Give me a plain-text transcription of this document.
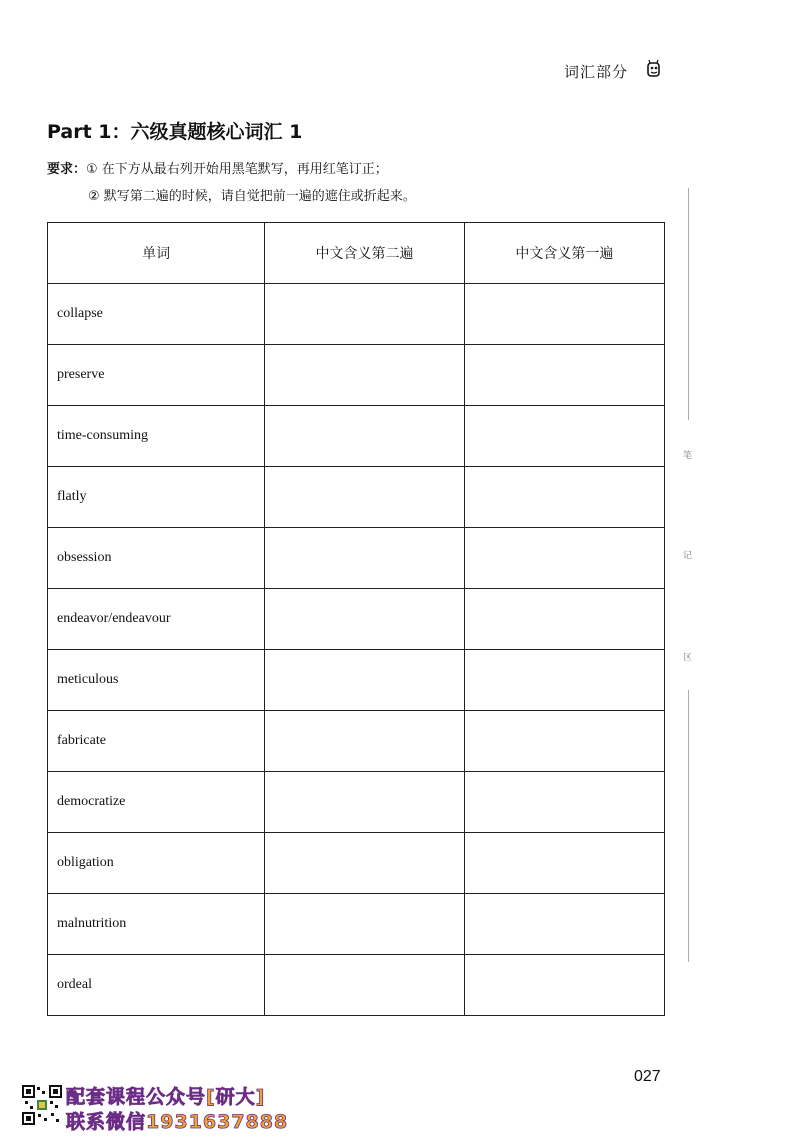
词汇部分
Part 1：六级真题核心词汇 1
要求：① 在下方从最右列开始用黑笔默写，再用红笔订正；
② 默写第二遍的时候，请自觉把前一遍的遮住或折起来。
单词	中文含义第二遍	中文含义第一遍
collapse		
preserve		
time-consuming		
flatly		
obsession		
endeavor/endeavour		
meticulous		
fabricate		
democratize		
obligation		
malnutrition		
ordeal		
笔
记
区
027
配套课程公众号[研大]
联系微信1931637888
